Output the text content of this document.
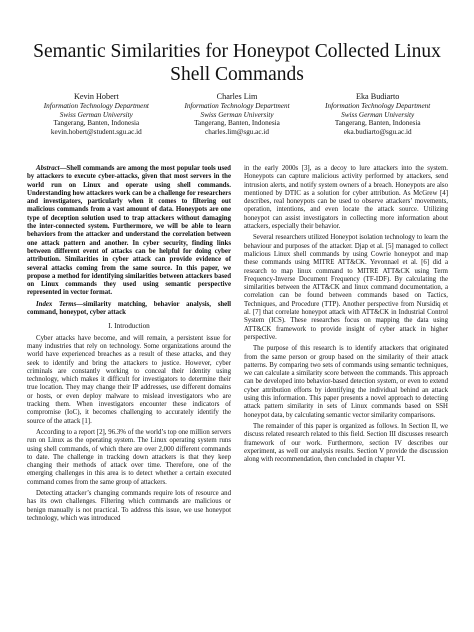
Semantic Similarities for Honeypot Collected Linux Shell Commands
Kevin Hobert
Information Technology Department
Swiss German University
Tangerang, Banten, Indonesia
kevin.hobert@student.sgu.ac.id
Charles Lim
Information Technology Department
Swiss German University
Tangerang, Banten, Indonesia
charles.lim@sgu.ac.id
Eka Budiarto
Information Technology Department
Swiss German University
Tangerang, Banten, Indonesia
eka.budiarto@sgu.ac.id

Abstract—Shell commands are among the most popular tools used by attackers to execute cyber-attacks, given that most servers in the world run on Linux and operate using shell commands. Understanding how attackers work can be a challenge for researchers and investigators, particularly when it comes to filtering out malicious commands from a vast amount of data. Honeypots are one type of deception solution used to trap attackers without damaging the inter-connected system. Furthermore, we will be able to learn behaviors from the attacker and understand the correlation between one attack pattern and another. In cyber security, finding links between different event of attacks can be helpful for doing cyber attribution. Similarities in cyber attack can provide evidence of several attacks coming from the same source. In this paper, we propose a method for identifying similarities between attackers based on Linux commands they used using semantic perspective represented in vector format.

Index Terms—similarity matching, behavior analysis, shell command, honeypot, cyber attack

I. Introduction

Cyber attacks have become, and will remain, a persistent issue for many industries that rely on technology. Some organizations around the world have experienced breaches as a result of these attacks, and they seek to identify and bring the attackers to justice. However, cyber criminals are constantly working to conceal their identity using technology, which makes it difficult for investigators to determine their true location. They may change their IP addresses, use different domains or hosts, or even deploy malware to mislead investigators who are tracking them. When investigators encounter these indicators of compromise (IoC), it becomes challenging to accurately identify the source of the attack [1].

According to a report [2], 96.3% of the world’s top one million servers run on Linux as the operating system. The Linux operating system runs using shell commands, of which there are over 2,000 different commands to date. The challenge in tracking down attackers is that they keep changing their methods of attack over time. Therefore, one of the emerging challenges in this area is to detect whether a certain executed command comes from the same group of attackers.

Detecting attacker’s changing commands require lots of resource and has its own challenges. Filtering which commands are malicious or benign manually is not practical. To address this issue, we use honeypot technology, which was introduced

in the early 2000s [3], as a decoy to lure attackers into the system. Honeypots can capture malicious activity performed by attackers, send intrusion alerts, and notify system owners of a breach. Honeypots are also mentioned by DTIC as a solution for cyber attribution. As McGrew [4] describes, real honeypots can be used to observe attackers’ movements, operation, intentions, and even locate the attack source. Utilizing honeypot can assist investigators in collecting more information about attackers, especially their behavior.

Several researchers utilized Honeypot isolation technology to learn the behaviour and purposes of the attacker. Djap et al. [5] managed to collect malicious Linux shell commands by using Cowrie honeypot and map these commands using MITRE ATT&CK. Yevonnael et al. [6] did a research to map linux command to MITRE ATT&CK using Term Frequency-Inverse Document Frequency (TF-IDF). By calculating the similarities between the ATT&CK and linux command documentation, a correlation can be found between commands based on Tactics, Techniques, and Procedure (TTP). Another perspective from Nursidiq et al. [7] that correlate honeypot attack with ATT&CK in Industrial Control System (ICS). These researches focus on mapping the data using ATT&CK framework to provide insight of cyber attack in higher perspective.

The purpose of this research is to identify attackers that originated from the same person or group based on the similarity of their attack patterns. By comparing two sets of commands using semantic techniques, we can calculate a similarity score between the commands. This approach can be developed into behavior-based detection system, or even to extend cyber attribution efforts by identifying the individual behind an attack using this information. This paper presents a novel approach to detecting attack pattern similarity in sets of Linux commands based on SSH honeypot data, by calculating semantic vector similarity comparisons.

The remainder of this paper is organized as follows. In Section II, we discuss related research related to this field. Section III discusses research framework of our work. Furthermore, section IV describes our experiment, as well our analysis results. Section V provide the discussion along with recommendation, then concluded in chapter VI.
